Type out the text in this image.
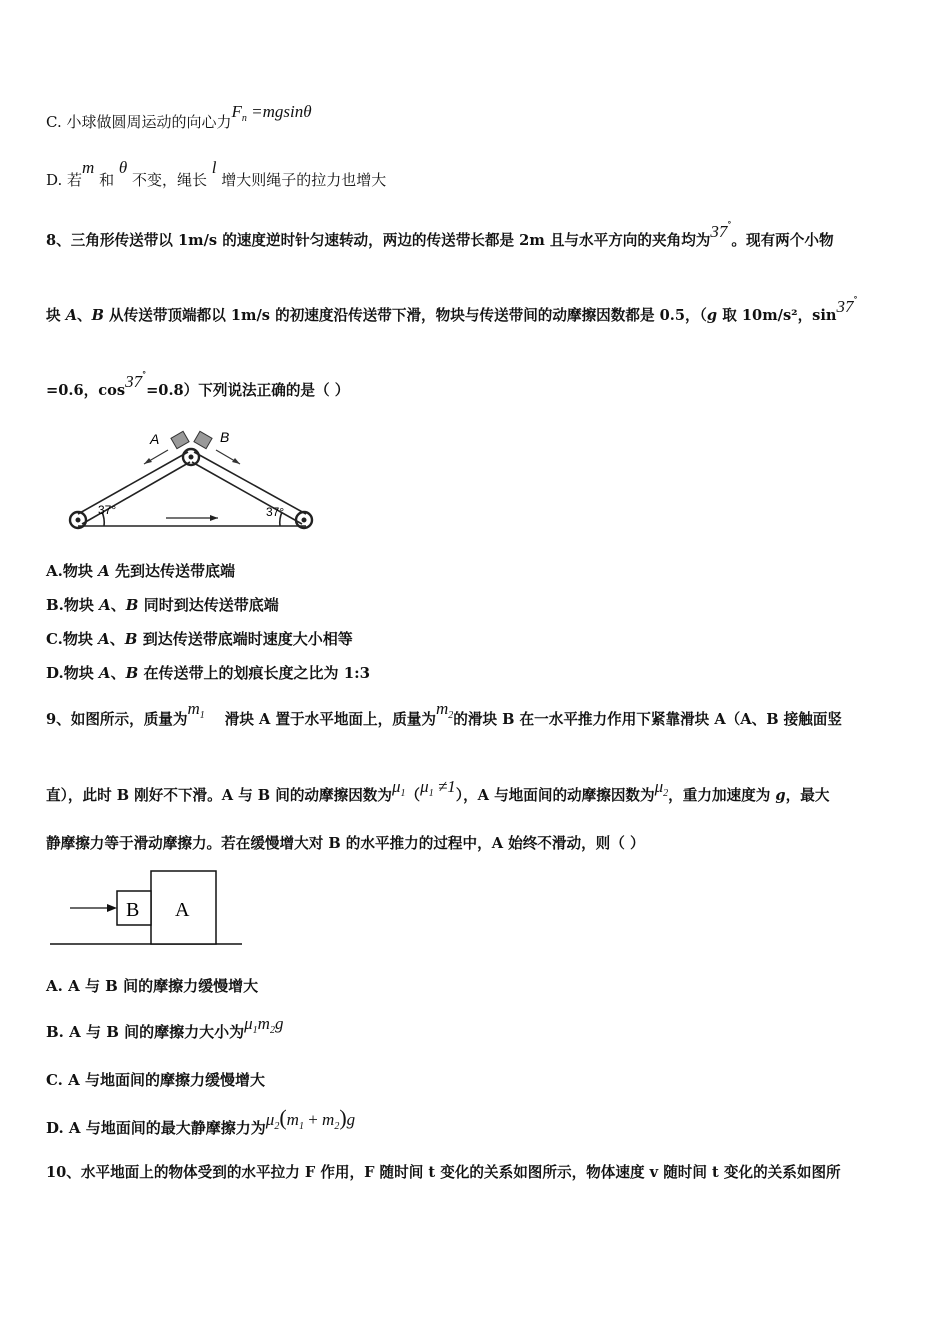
C. 小球做圆周运动的向心力$F_n =mgsin\theta$
D. 若m 和 θ 不变，绳长 l 增大则绳子的拉力也增大
8、三角形传送带以 1m/s 的速度逆时针匀速转动，两边的传送带长都是 2m 且与水平方向的夹角均为37°。现有两个小物
块 A、B 从传送带顶端都以 1m/s 的初速度沿传送带下滑，物块与传送带间的动摩擦因数都是 0.5，（g 取 10m/s²，sin37°
=0.6，cos37°=0.8）下列说法正确的是（ ）
A	B
37°	37°
A.物块 A 先到达传送带底端
B.物块 A、B 同时到达传送带底端
C.物块 A、B 到达传送带底端时速度大小相等
D.物块 A、B 在传送带上的划痕长度之比为 1:3
9、如图所示，质量为$m_1$ 滑块 A 置于水平地面上，质量为$m_2$的滑块 B 在一水平推力作用下紧靠滑块 A（A、B 接触面竖
直），此时 B 刚好不下滑。A 与 B 间的动摩擦因数为$\mu_1(\mu_1 \ne 1)$，A 与地面间的动摩擦因数为$\mu_2$，重力加速度为 g，最大
静摩擦力等于滑动摩擦力。若在缓慢增大对 B 的水平推力的过程中，A 始终不滑动，则（ ）
B A
A. A 与 B 间的摩擦力缓慢增大
B. A 与 B 间的摩擦力大小为$\mu_1m_2g$
C. A 与地面间的摩擦力缓慢增大
D. A 与地面间的最大静摩擦力为$\mu_2(m_1 + m_2)g$
10、水平地面上的物体受到的水平拉力 F 作用，F 随时间 t 变化的关系如图所示，物体速度 v 随时间 t 变化的关系如图所
